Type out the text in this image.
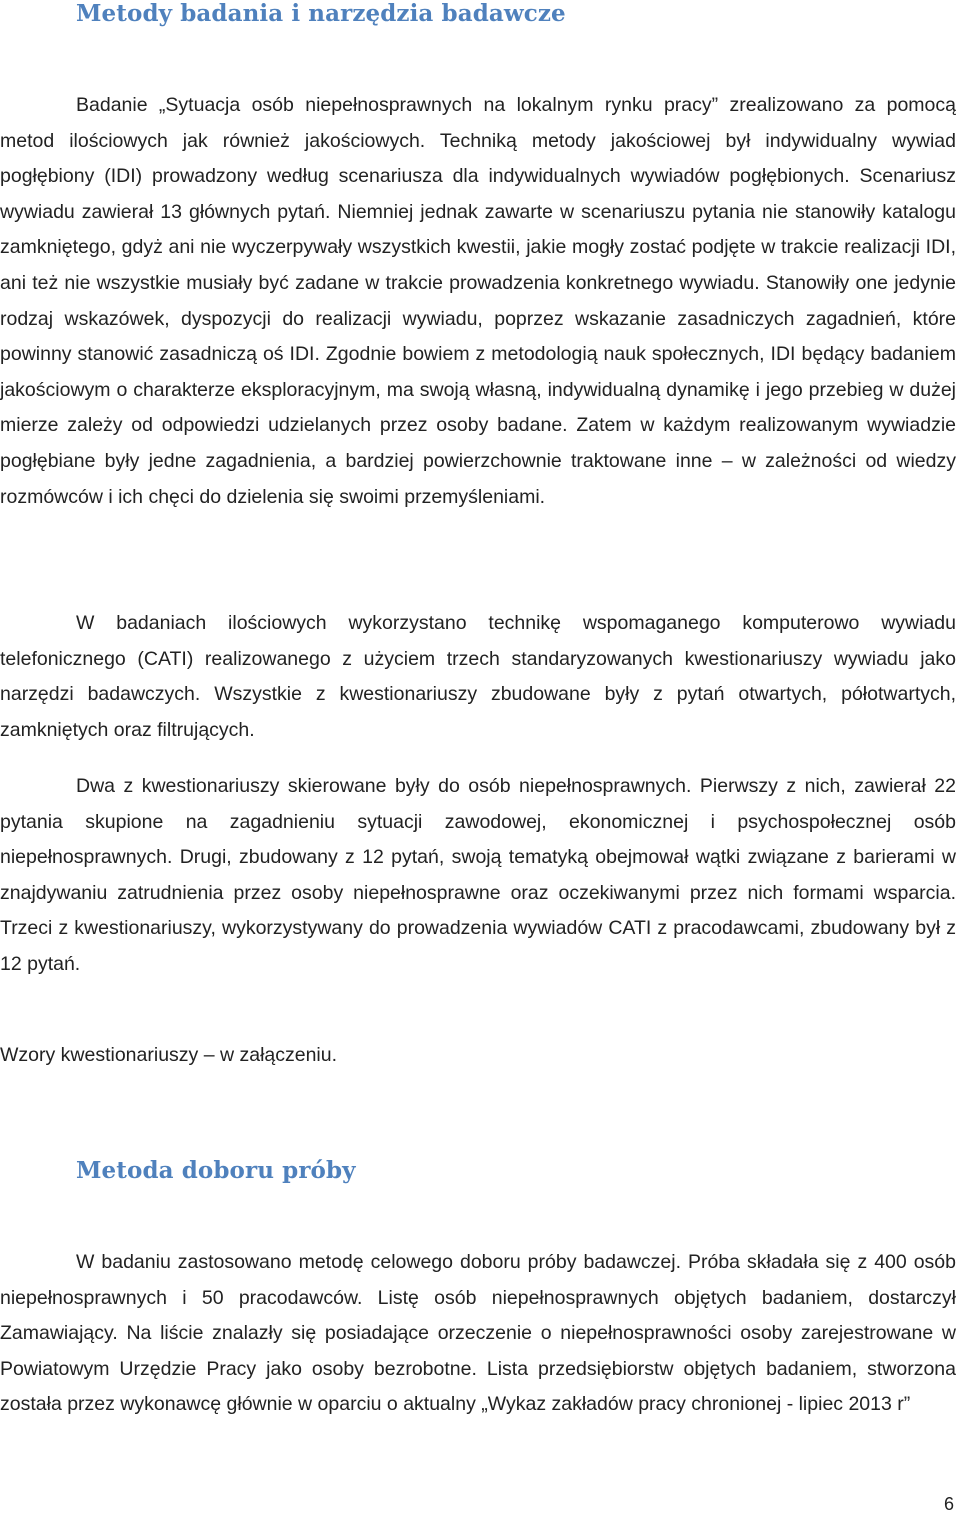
Metody badania i narzędzia badawcze

Badanie „Sytuacja osób niepełnosprawnych na lokalnym rynku pracy” zrealizowano za pomocą metod ilościowych jak również jakościowych. Techniką metody jakościowej był indywidualny wywiad pogłębiony (IDI) prowadzony według scenariusza dla indywidualnych wywiadów pogłębionych. Scenariusz wywiadu zawierał 13 głównych pytań. Niemniej jednak zawarte w scenariuszu pytania nie stanowiły katalogu zamkniętego, gdyż ani nie wyczerpywały wszystkich kwestii, jakie mogły zostać podjęte w trakcie realizacji IDI, ani też nie wszystkie musiały być zadane w trakcie prowadzenia konkretnego wywiadu. Stanowiły one jedynie rodzaj wskazówek, dyspozycji do realizacji wywiadu, poprzez wskazanie zasadniczych zagadnień, które powinny stanowić zasadniczą oś IDI. Zgodnie bowiem z metodologią nauk społecznych, IDI będący badaniem jakościowym o charakterze eksploracyjnym, ma swoją własną, indywidualną dynamikę i jego przebieg w dużej mierze zależy od odpowiedzi udzielanych przez osoby badane. Zatem w każdym realizowanym wywiadzie pogłębiane były jedne zagadnienia, a bardziej powierzchownie traktowane inne – w zależności od wiedzy rozmówców i ich chęci do dzielenia się swoimi przemyśleniami.

W badaniach ilościowych wykorzystano technikę wspomaganego komputerowo wywiadu telefonicznego (CATI) realizowanego z użyciem trzech standaryzowanych kwestionariuszy wywiadu jako narzędzi badawczych. Wszystkie z kwestionariuszy zbudowane były z pytań otwartych, półotwartych, zamkniętych oraz filtrujących.

Dwa z kwestionariuszy skierowane były do osób niepełnosprawnych. Pierwszy z nich, zawierał 22 pytania skupione na zagadnieniu sytuacji zawodowej, ekonomicznej i psychospołecznej osób niepełnosprawnych. Drugi, zbudowany z 12 pytań, swoją tematyką obejmował wątki związane z barierami w znajdywaniu zatrudnienia przez osoby niepełnosprawne oraz oczekiwanymi przez nich formami wsparcia. Trzeci z kwestionariuszy, wykorzystywany do prowadzenia wywiadów CATI z pracodawcami, zbudowany był z 12 pytań.

Wzory kwestionariuszy – w załączeniu.

Metoda doboru próby

W badaniu zastosowano metodę celowego doboru próby badawczej. Próba składała się z 400 osób niepełnosprawnych i 50 pracodawców. Listę osób niepełnosprawnych objętych badaniem, dostarczył Zamawiający. Na liście znalazły się posiadające orzeczenie o niepełnosprawności osoby zarejestrowane w Powiatowym Urzędzie Pracy jako osoby bezrobotne. Lista przedsiębiorstw objętych badaniem, stworzona została przez wykonawcę głównie w oparciu o aktualny „Wykaz zakładów pracy chronionej - lipiec 2013 r”

6
